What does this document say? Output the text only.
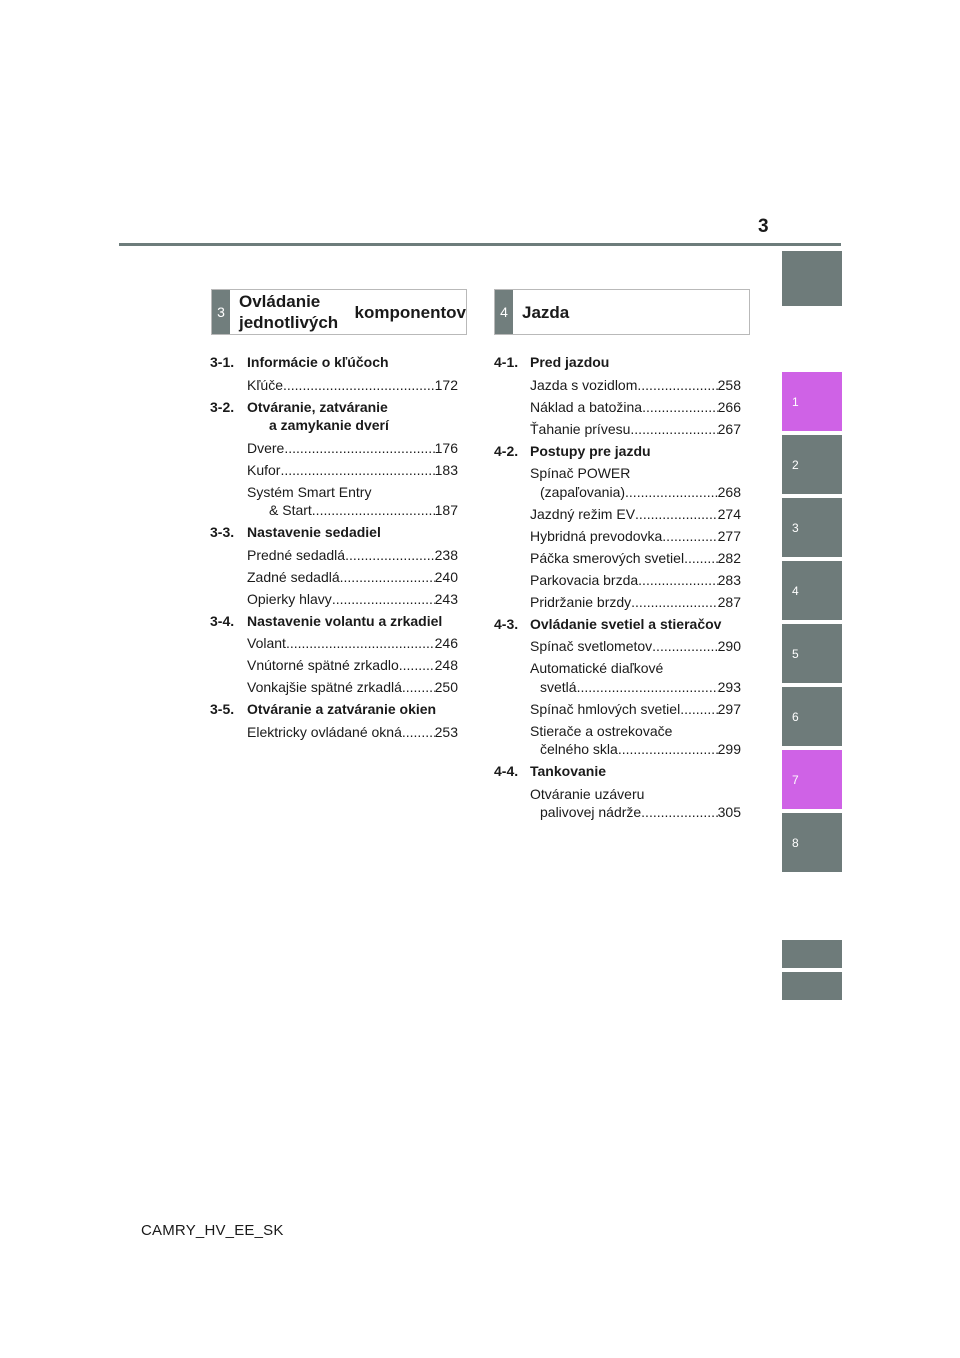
3
1
2
3
4
5
6
7
8
3
Ovládanie jednotlivých

komponentov	4 Jazda
3-1. Informácie o kľúčoch
Kľúče .....	172
3-2. Otváranie, zatváranie
a zamykanie dverí
Dvere .....	176
Kufor .....	183
Systém Smart Entry
& Start .....	187
3-3. Nastavenie sedadiel
Predné sedadlá .....	238
Zadné sedadlá .....	240
Opierky hlavy .....	243
3-4. Nastavenie volantu a zrkadiel
Volant .....	246
Vnútorné spätné zrkadlo .....	248
Vonkajšie spätné zrkadlá ..... 250
3-5. Otváranie a zatváranie okien
Elektricky ovládané okná ..... 253
4-1. Pred jazdou
Jazda s vozidlom .....	258
Náklad a batožina .....	266
Ťahanie prívesu .....	267
4-2. Postupy pre jazdu
Spínač POWER
(zapaľovania) .....	268
Jazdný režim EV .....	274
Hybridná prevodovka .....	277
Páčka smerových svetiel ..... 282
Parkovacia brzda .....	283
Pridržanie brzdy .....	287
4-3. Ovládanie svetiel a stieračov
Spínač svetlometov .....	290
Automatické diaľkové
svetlá .....	293
Spínač hmlových svetiel .....	297
Stierače a ostrekovače
čelného skla .....	299
4-4. Tankovanie
Otváranie uzáveru
palivovej nádrže .....	305
CAMRY_HV_EE_SK
